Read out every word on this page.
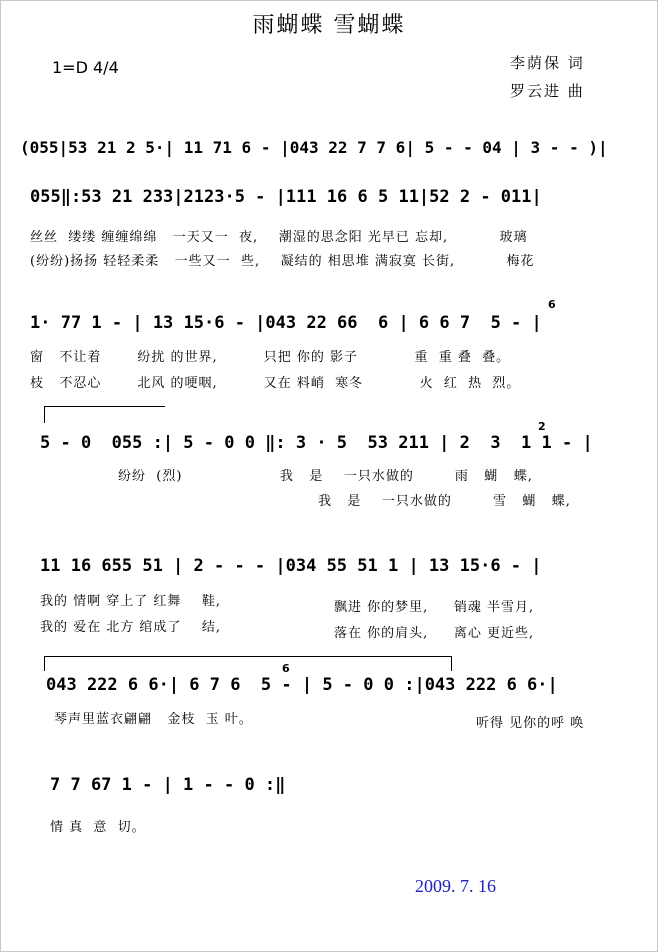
雨蝴蝶 雪蝴蝶
1=D 4/4	李荫保 词
罗云进 曲
(055|53 21 2 5·| 11 71 6 - |043 22 7 7 6| 5 - - 04 | 3 - - )|
055‖:53 21 233|2123·5 - |111 16 6 5 11|52 2 - 011|
丝丝  缕缕 缠缠绵绵   一天又一  夜,    潮湿的思念阳 光早已 忘却,          玻璃
(纷纷)扬扬 轻轻柔柔   一些又一  些,    凝结的 相思堆 满寂寞 长街,          梅花
1· 77 1 - | 13 15·6 - |043 22 66  6 | 6 6 7  5 - |
窗   不让着       纷扰 的世界,         只把 你的 影子           重  重 叠  叠。
枝   不忍心       北风 的哽咽,         又在 料峭  寒冬           火  红  热  烈。
5 - 0  055 :| 5 - 0 0 ‖: 3 · 5  53 211 | 2  3  1 1 - |
纷纷  (烈)                   我   是    一只水做的        雨   蝴   蝶,
我   是    一只水做的        雪   蝴   蝶,
11 16 655 51 | 2 - - - |034 55 51 1 | 13 15·6 - |
我的 情啊 穿上了 红舞    鞋,
我的 爱在 北方 绾成了    结,
飘进 你的梦里,     销魂 半雪月,
落在 你的肩头,     离心 更近些,
043 222 6 6·| 6 7 6  5 - | 5 - 0 0 :|043 222 6 6·|
琴声里蓝衣翩翩   金枝  玉 叶。	听得 见你的呼 唤
7 7 67 1 - | 1 - - 0 :‖
情 真  意  切。
6
2
6
2009. 7. 16
